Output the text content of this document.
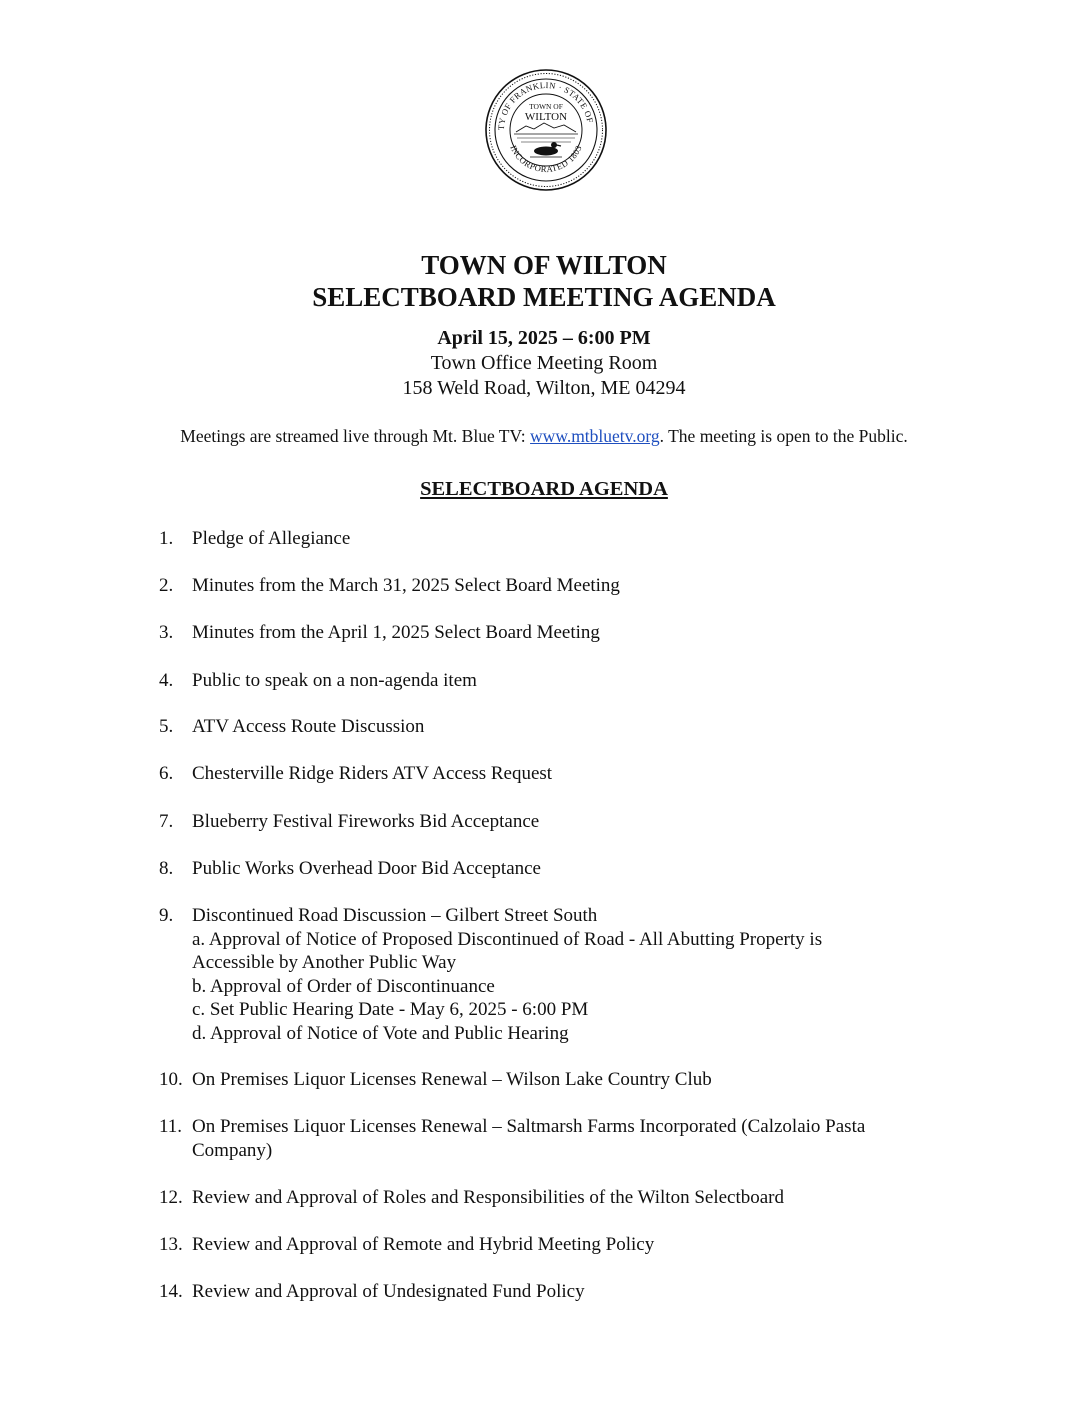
TY OF FRANKLIN · STATE OF
INCORPORATED 1803
TOWN OF
WILTON
TOWN OF WILTON
SELECTBOARD MEETING AGENDA
April 15, 2025 – 6:00 PM
Town Office Meeting Room
158 Weld Road, Wilton, ME 04294
Meetings are streamed live through Mt. Blue TV: www.mtbluetv.org. The meeting is open to the Public.
SELECTBOARD AGENDA
1. Pledge of Allegiance
2. Minutes from the March 31, 2025 Select Board Meeting
3. Minutes from the April 1, 2025 Select Board Meeting
4. Public to speak on a non-agenda item
5. ATV Access Route Discussion
6. Chesterville Ridge Riders ATV Access Request
7. Blueberry Festival Fireworks Bid Acceptance
8. Public Works Overhead Door Bid Acceptance
9. Discontinued Road Discussion – Gilbert Street South
a. Approval of Notice of Proposed Discontinued of Road - All Abutting Property is
Accessible by Another Public Way
b. Approval of Order of Discontinuance
c. Set Public Hearing Date - May 6, 2025 - 6:00 PM
d. Approval of Notice of Vote and Public Hearing
10. On Premises Liquor Licenses Renewal – Wilson Lake Country Club
11. On Premises Liquor Licenses Renewal – Saltmarsh Farms Incorporated (Calzolaio Pasta
Company)
12. Review and Approval of Roles and Responsibilities of the Wilton Selectboard
13. Review and Approval of Remote and Hybrid Meeting Policy
14. Review and Approval of Undesignated Fund Policy
